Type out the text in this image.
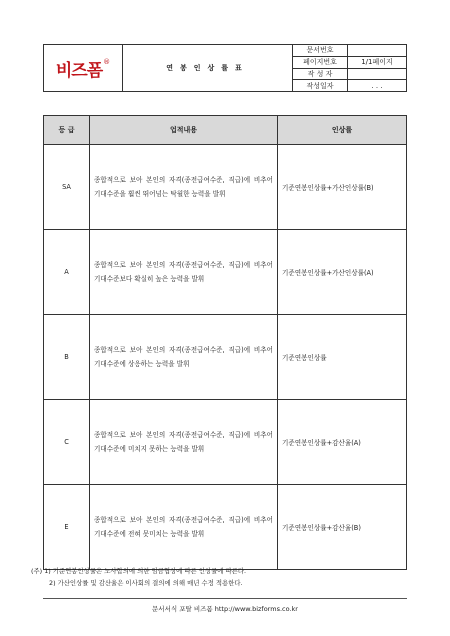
비즈폼 ®	연봉인상률표	문서번호	
		페이지번호	1/1페이지
		작 성 자	
		작성일자	. . .
등 급	업적내용	인상률
SA	종합적으로 보아 본인의 자격(종전급여수준, 직급)에 비추어 기대수준을 훨씬 뛰어넘는 탁월한 능력을 발휘	기준연봉인상률+가산인상률(B)
A	종합적으로 보아 본인의 자격(종전급여수준, 직급)에 비추어 기대수준보다 확실히 높은 능력을 발휘	기준연봉인상률+가산인상률(A)
B	종합적으로 보아 본인의 자격(종전급여수준, 직급)에 비추어 기대수준에 상응하는 능력을 발휘	기준연봉인상률
C	종합적으로 보아 본인의 자격(종전급여수준, 직급)에 비추어 기대수준에 미치지 못하는 능력을 발휘	기준연봉인상률+감산율(A)
E	종합적으로 보아 본인의 자격(종전급여수준, 직급)에 비추어 기대수준에 전혀 못미치는 능력을 발휘	기준연봉인상률+감산율(B)
(주) 1) 기준연봉인상률은 노사합의에 의한 임금협상에 따른 인상률에 따른다.
2) 가산인상률 및 감산율은 이사회의 결의에 의해 매년 수정 적용한다.
문서서식 포탈 비즈폼 http://www.bizforms.co.kr
